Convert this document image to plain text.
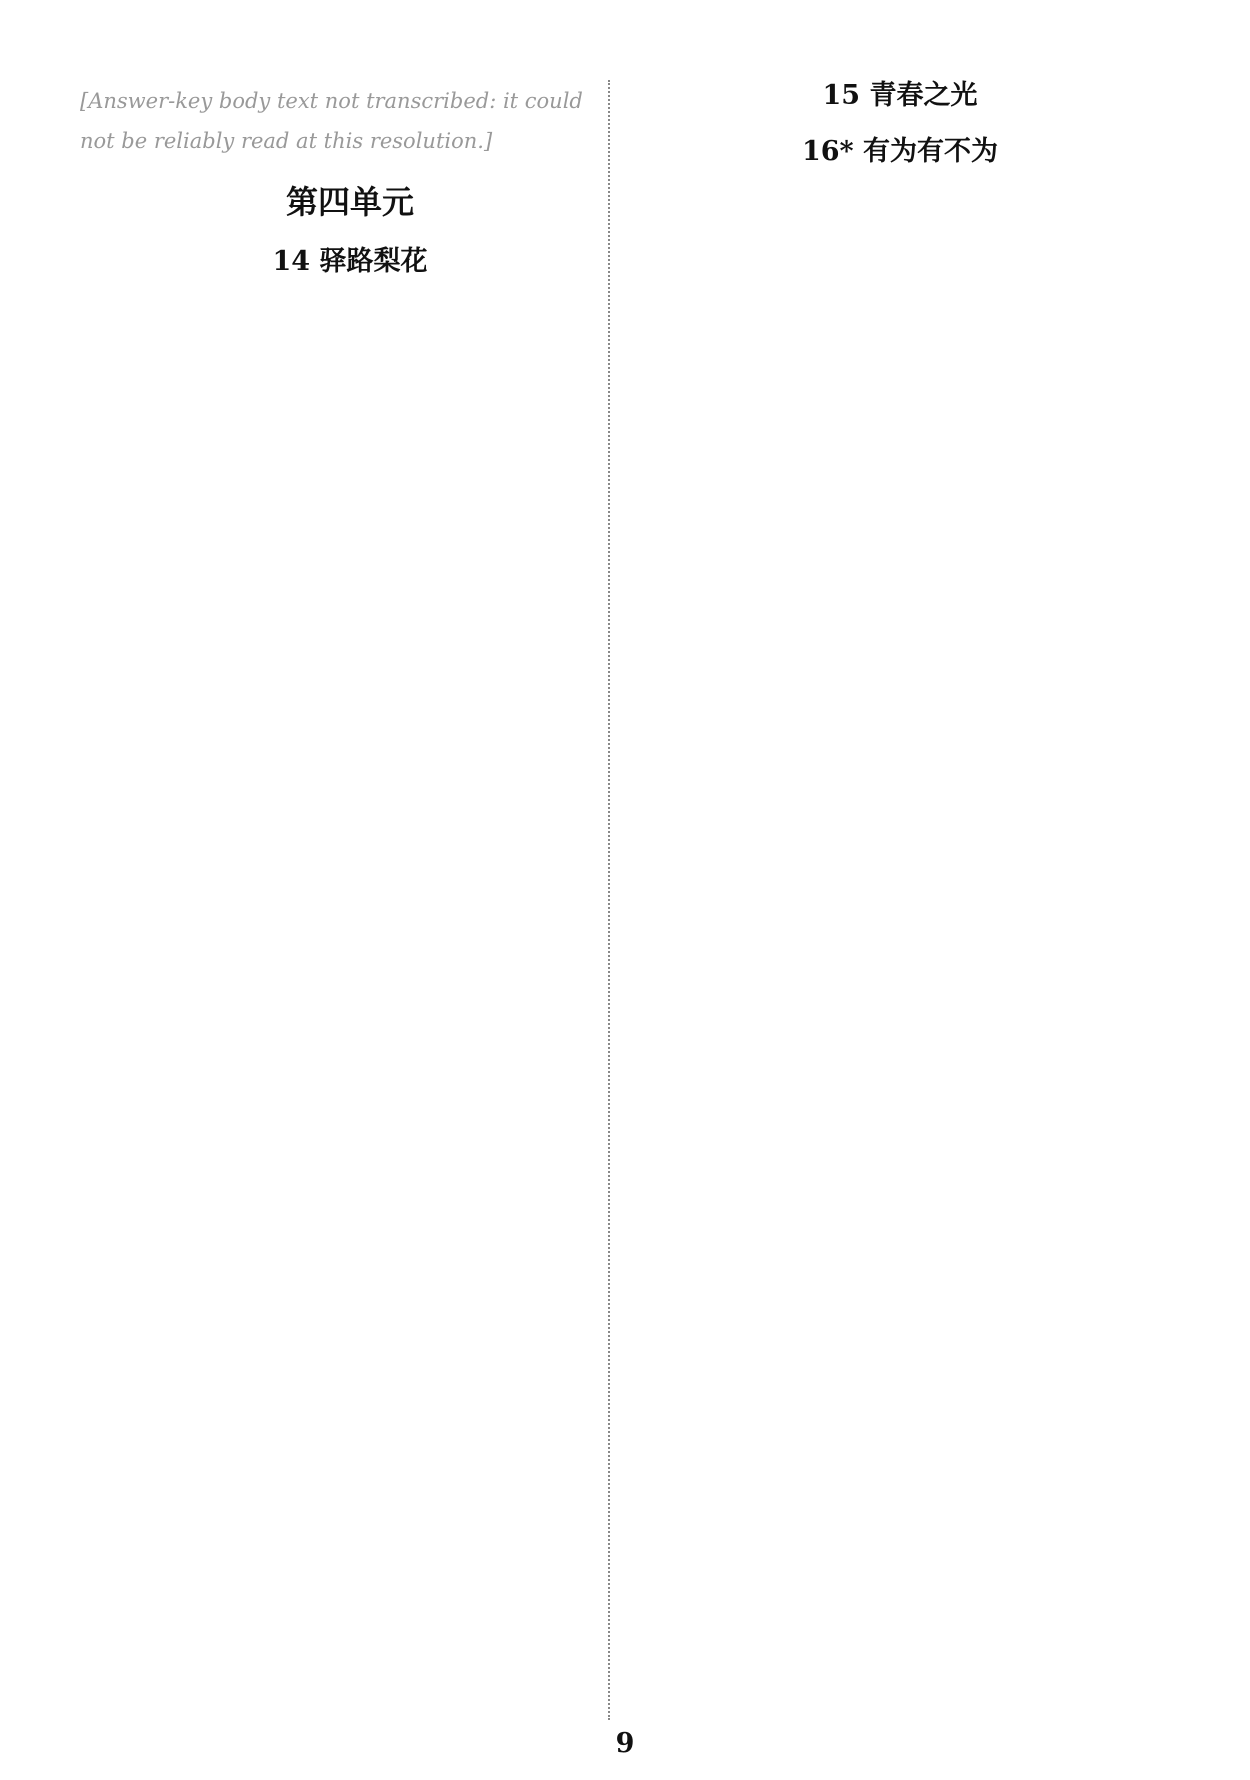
[Answer-key body text not transcribed: it could not be reliably read at this resolution.]

第四单元
14 驿路梨花
15 青春之光
16* 有为有不为
9
